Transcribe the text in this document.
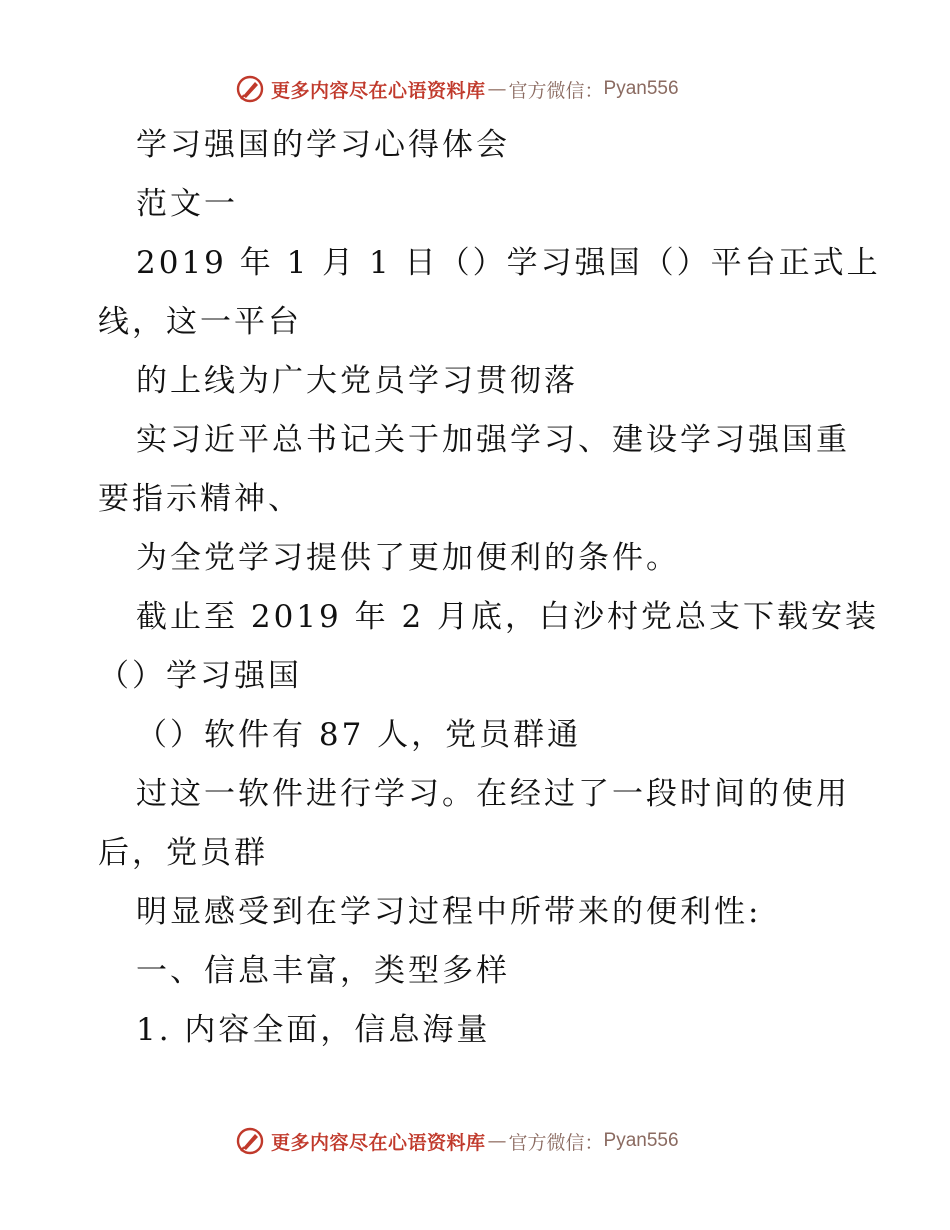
更多内容尽在心语资料库 — 官方微信： Pyan556
学习强国的学习心得体会
范文一
2019 年 1 月 1 日（）学习强国（）平台正式上
线，这一平台
的上线为广大党员学习贯彻落
实习近平总书记关于加强学习、建设学习强国重
要指示精神、
为全党学习提供了更加便利的条件。
截止至 2019 年 2 月底，白沙村党总支下载安装
（）学习强国
（）软件有 87 人，党员群通
过这一软件进行学习。在经过了一段时间的使用
后，党员群
明显感受到在学习过程中所带来的便利性:
一、信息丰富，类型多样
1. 内容全面，信息海量
更多内容尽在心语资料库 — 官方微信： Pyan556
